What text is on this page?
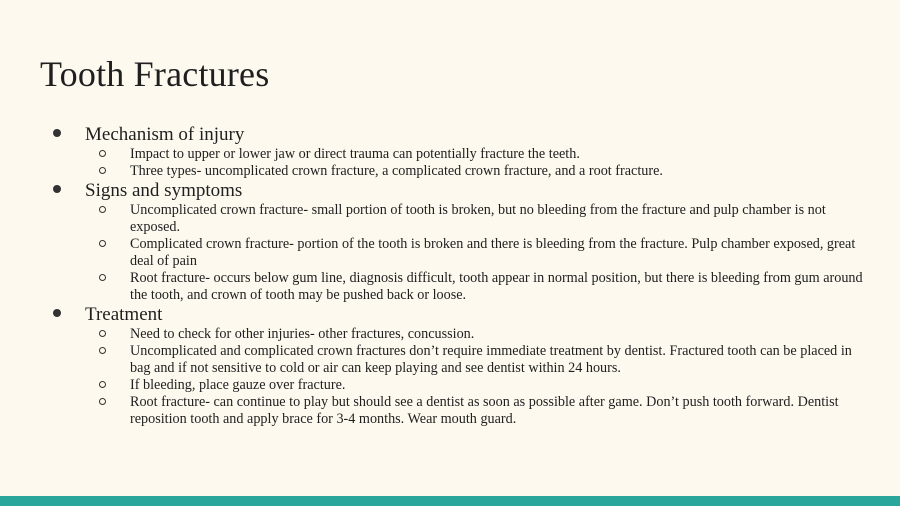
Tooth Fractures
Mechanism of injury
Impact to upper or lower jaw or direct trauma can potentially fracture the teeth.
Three types- uncomplicated crown fracture, a complicated crown fracture, and a root fracture.
Signs and symptoms
Uncomplicated crown fracture- small portion of tooth is broken, but no bleeding from the fracture and pulp chamber is not exposed.
Complicated crown fracture- portion of the tooth is broken and there is bleeding from the fracture. Pulp chamber exposed, great deal of pain
Root fracture- occurs below gum line, diagnosis difficult, tooth appear in normal position, but there is bleeding from gum around the tooth, and crown of tooth may be pushed back or loose.
Treatment
Need to check for other injuries- other fractures, concussion.
Uncomplicated and complicated crown fractures don’t require immediate treatment by dentist. Fractured tooth can be placed in bag and if not sensitive to cold or air can keep playing and see dentist within 24 hours.
If bleeding, place gauze over fracture.
Root fracture- can continue to play but should see a dentist as soon as possible after game. Don’t push tooth forward. Dentist reposition tooth and apply brace for 3-4 months. Wear mouth guard.
